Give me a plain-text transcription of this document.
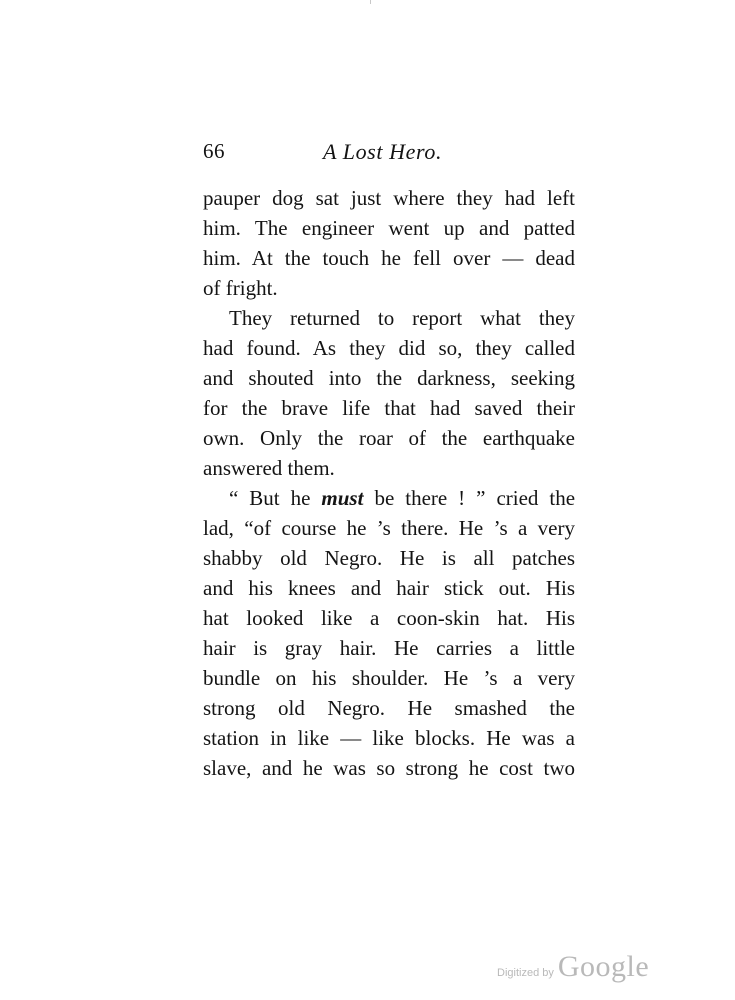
66	A Lost Hero.
pauper dog sat just where they had left
him. The engineer went up and patted
him. At the touch he fell over — dead
of fright.
They returned to report what they
had found. As they did so, they called
and shouted into the darkness, seeking
for the brave life that had saved their
own. Only the roar of the earthquake
answered them.
“ But he must be there ! ” cried the
lad, “of course he ’s there. He ’s a very
shabby old Negro. He is all patches
and his knees and hair stick out. His
hat looked like a coon-skin hat. His
hair is gray hair. He carries a little
bundle on his shoulder. He ’s a very
strong old Negro. He smashed the
station in like — like blocks. He was a
slave, and he was so strong he cost two
Digitized by Google
